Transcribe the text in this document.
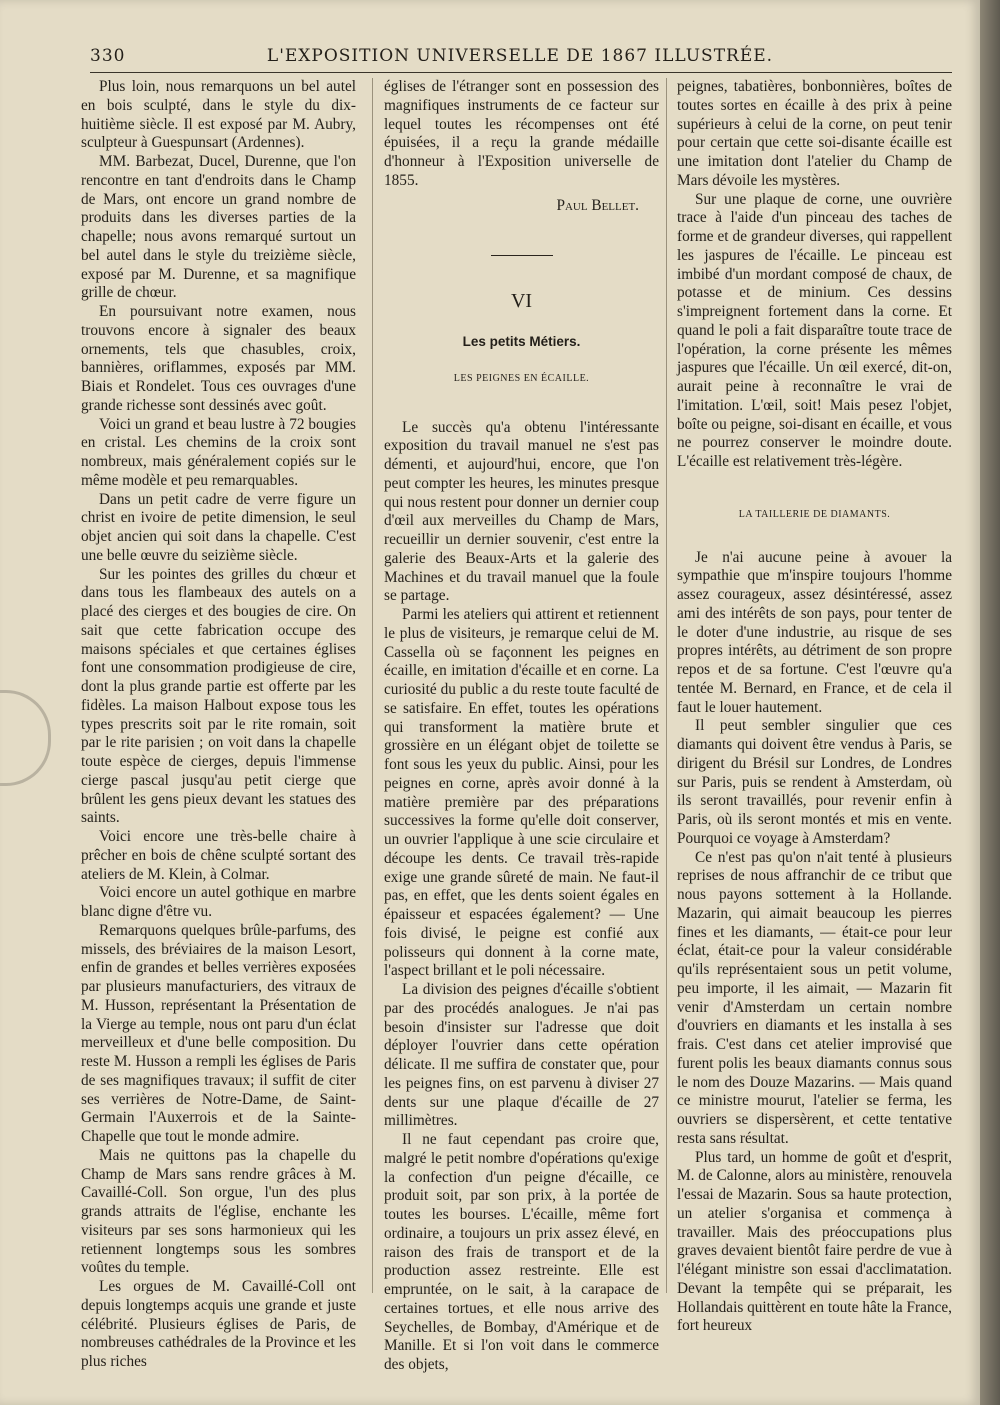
330	L'EXPOSITION UNIVERSELLE DE 1867 ILLUSTRÉE.

Plus loin, nous remarquons un bel autel en bois sculpté, dans le style du dix-huitième siècle. Il est exposé par M. Aubry, sculpteur à Guespunsart (Ardennes).

MM. Barbezat, Ducel, Durenne, que l'on rencontre en tant d'endroits dans le Champ de Mars, ont encore un grand nombre de produits dans les diverses parties de la chapelle; nous avons remarqué surtout un bel autel dans le style du treizième siècle, exposé par M. Durenne, et sa magnifique grille de chœur.

En poursuivant notre examen, nous trouvons encore à signaler des beaux ornements, tels que chasubles, croix, bannières, oriflammes, exposés par MM. Biais et Rondelet. Tous ces ouvrages d'une grande richesse sont dessinés avec goût.

Voici un grand et beau lustre à 72 bougies en cristal. Les chemins de la croix sont nombreux, mais généralement copiés sur le même modèle et peu remarquables.

Dans un petit cadre de verre figure un christ en ivoire de petite dimension, le seul objet ancien qui soit dans la chapelle. C'est une belle œuvre du seizième siècle.

Sur les pointes des grilles du chœur et dans tous les flambeaux des autels on a placé des cierges et des bougies de cire. On sait que cette fabrication occupe des maisons spéciales et que certaines églises font une consommation prodigieuse de cire, dont la plus grande partie est offerte par les fidèles. La maison Halbout expose tous les types prescrits soit par le rite romain, soit par le rite parisien ; on voit dans la chapelle toute espèce de cierges, depuis l'immense cierge pascal jusqu'au petit cierge que brûlent les gens pieux devant les statues des saints.

Voici encore une très-belle chaire à prêcher en bois de chêne sculpté sortant des ateliers de M. Klein, à Colmar.

Voici encore un autel gothique en marbre blanc digne d'être vu.

Remarquons quelques brûle-parfums, des missels, des bréviaires de la maison Lesort, enfin de grandes et belles verrières exposées par plusieurs manufacturiers, des vitraux de M. Husson, représentant la Présentation de la Vierge au temple, nous ont paru d'un éclat merveilleux et d'une belle composition. Du reste M. Husson a rempli les églises de Paris de ses magnifiques travaux; il suffit de citer ses verrières de Notre-Dame, de Saint-Germain l'Auxerrois et de la Sainte-Chapelle que tout le monde admire.

Mais ne quittons pas la chapelle du Champ de Mars sans rendre grâces à M. Cavaillé-Coll. Son orgue, l'un des plus grands attraits de l'église, enchante les visiteurs par ses sons harmonieux qui les retiennent longtemps sous les sombres voûtes du temple.

Les orgues de M. Cavaillé-Coll ont depuis longtemps acquis une grande et juste célébrité. Plusieurs églises de Paris, de nombreuses cathédrales de la Province et les plus riches

églises de l'étranger sont en possession des magnifiques instruments de ce facteur sur lequel toutes les récompenses ont été épuisées, il a reçu la grande médaille d'honneur à l'Exposition universelle de 1855.

Paul Bellet.

VI

Les petits Métiers.

LES PEIGNES EN ÉCAILLE.

Le succès qu'a obtenu l'intéressante exposition du travail manuel ne s'est pas démenti, et aujourd'hui, encore, que l'on peut compter les heures, les minutes presque qui nous restent pour donner un dernier coup d'œil aux merveilles du Champ de Mars, recueillir un dernier souvenir, c'est entre la galerie des Beaux-Arts et la galerie des Machines et du travail manuel que la foule se partage.

Parmi les ateliers qui attirent et retiennent le plus de visiteurs, je remarque celui de M. Cassella où se façonnent les peignes en écaille, en imitation d'écaille et en corne. La curiosité du public a du reste toute faculté de se satisfaire. En effet, toutes les opérations qui transforment la matière brute et grossière en un élégant objet de toilette se font sous les yeux du public. Ainsi, pour les peignes en corne, après avoir donné à la matière première par des préparations successives la forme qu'elle doit conserver, un ouvrier l'applique à une scie circulaire et découpe les dents. Ce travail très-rapide exige une grande sûreté de main. Ne faut-il pas, en effet, que les dents soient égales en épaisseur et espacées également? — Une fois divisé, le peigne est confié aux polisseurs qui donnent à la corne mate, l'aspect brillant et le poli nécessaire.

La division des peignes d'écaille s'obtient par des procédés analogues. Je n'ai pas besoin d'insister sur l'adresse que doit déployer l'ouvrier dans cette opération délicate. Il me suffira de constater que, pour les peignes fins, on est parvenu à diviser 27 dents sur une plaque d'écaille de 27 millimètres.

Il ne faut cependant pas croire que, malgré le petit nombre d'opérations qu'exige la confection d'un peigne d'écaille, ce produit soit, par son prix, à la portée de toutes les bourses. L'écaille, même fort ordinaire, a toujours un prix assez élevé, en raison des frais de transport et de la production assez restreinte. Elle est empruntée, on le sait, à la carapace de certaines tortues, et elle nous arrive des Seychelles, de Bombay, d'Amérique et de Manille. Et si l'on voit dans le commerce des objets,

peignes, tabatières, bonbonnières, boîtes de toutes sortes en écaille à des prix à peine supérieurs à celui de la corne, on peut tenir pour certain que cette soi-disante écaille est une imitation dont l'atelier du Champ de Mars dévoile les mystères.

Sur une plaque de corne, une ouvrière trace à l'aide d'un pinceau des taches de forme et de grandeur diverses, qui rappellent les jaspures de l'écaille. Le pinceau est imbibé d'un mordant composé de chaux, de potasse et de minium. Ces dessins s'impreignent fortement dans la corne. Et quand le poli a fait disparaître toute trace de l'opération, la corne présente les mêmes jaspures que l'écaille. Un œil exercé, dit-on, aurait peine à reconnaître le vrai de l'imitation. L'œil, soit! Mais pesez l'objet, boîte ou peigne, soi-disant en écaille, et vous ne pourrez conserver le moindre doute. L'écaille est relativement très-légère.

LA TAILLERIE DE DIAMANTS.

Je n'ai aucune peine à avouer la sympathie que m'inspire toujours l'homme assez courageux, assez désintéressé, assez ami des intérêts de son pays, pour tenter de le doter d'une industrie, au risque de ses propres intérêts, au détriment de son propre repos et de sa fortune. C'est l'œuvre qu'a tentée M. Bernard, en France, et de cela il faut le louer hautement.

Il peut sembler singulier que ces diamants qui doivent être vendus à Paris, se dirigent du Brésil sur Londres, de Londres sur Paris, puis se rendent à Amsterdam, où ils seront travaillés, pour revenir enfin à Paris, où ils seront montés et mis en vente. Pourquoi ce voyage à Amsterdam?

Ce n'est pas qu'on n'ait tenté à plusieurs reprises de nous affranchir de ce tribut que nous payons sottement à la Hollande. Mazarin, qui aimait beaucoup les pierres fines et les diamants, — était-ce pour leur éclat, était-ce pour la valeur considérable qu'ils représentaient sous un petit volume, peu importe, il les aimait, — Mazarin fit venir d'Amsterdam un certain nombre d'ouvriers en diamants et les installa à ses frais. C'est dans cet atelier improvisé que furent polis les beaux diamants connus sous le nom des Douze Mazarins. — Mais quand ce ministre mourut, l'atelier se ferma, les ouvriers se dispersèrent, et cette tentative resta sans résultat.

Plus tard, un homme de goût et d'esprit, M. de Calonne, alors au ministère, renouvela l'essai de Mazarin. Sous sa haute protection, un atelier s'organisa et commença à travailler. Mais des préoccupations plus graves devaient bientôt faire perdre de vue à l'élégant ministre son essai d'acclimatation. Devant la tempête qui se préparait, les Hollandais quittèrent en toute hâte la France, fort heureux
